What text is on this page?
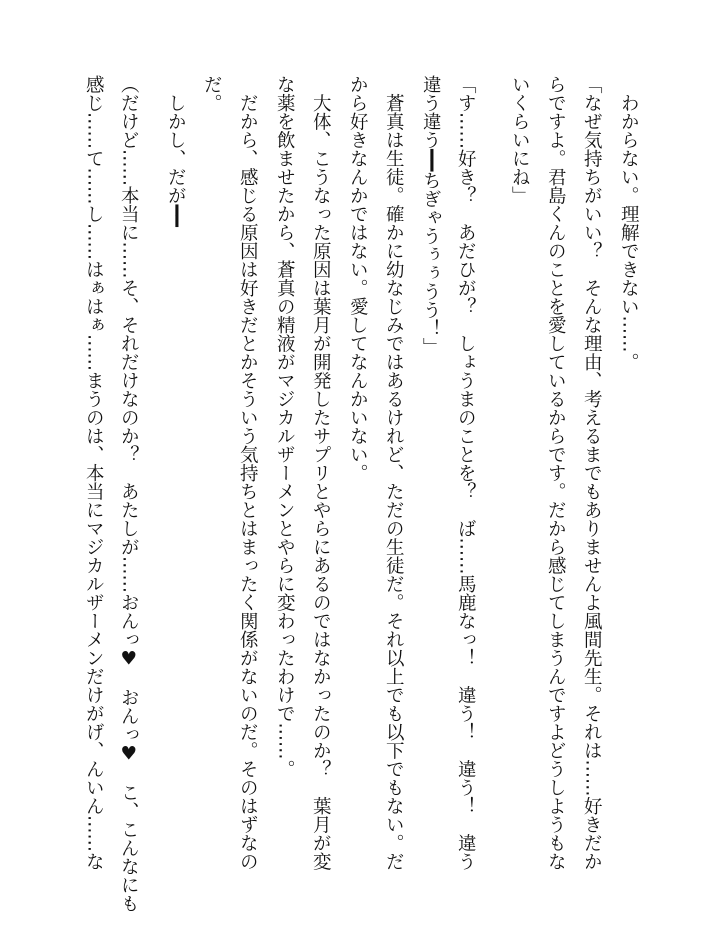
　わからない。理解できない……。
「なぜ気持ちがいい？　そんな理由、考えるまでもありませんよ風間先生。それは……好きだか
らですよ。君島くんのことを愛しているからです。だから感じてしまうんですよどうしようもな
いくらいにね」
「す……好き？　あだひが？　しょうまのことを？　ば……馬鹿なっ！　違う！　違う！　違う
違う違う━━ちぎゃうぅぅうう！」
　蒼真は生徒。確かに幼なじみではあるけれど、ただの生徒だ。それ以上でも以下でもない。だ
から好きなんかではない。愛してなんかいない。
　大体、こうなった原因は葉月が開発したサプリとやらにあるのではなかったのか？　葉月が変
な薬を飲ませたから、蒼真の精液がマジカルザーメンとやらに変わったわけで……。
　だから、感じる原因は好きだとかそういう気持ちとはまったく関係がないのだ。そのはずなの
だ。
　しかし、だが━━
（だけど……本当に……そ、それだけなのか？　あたしが……おんっ♥　おんっ♥　こ、こんなにも
感じ……て……し……はぁはぁ……まうのは、本当にマジカルザーメンだけがげ、んいん……な
